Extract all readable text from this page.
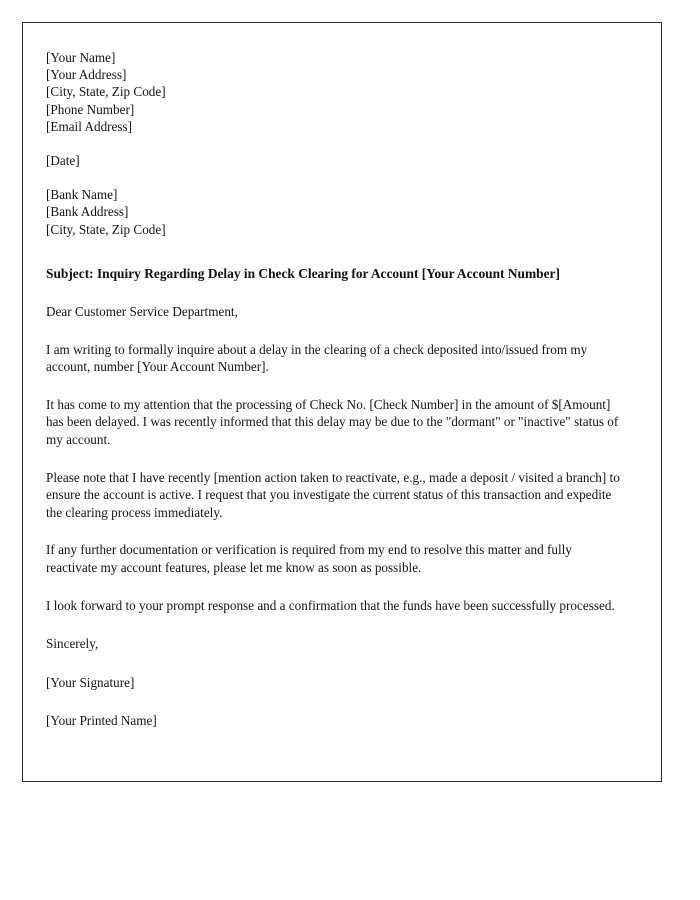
[Your Name]
[Your Address]
[City, State, Zip Code]
[Phone Number]
[Email Address]
[Date]
[Bank Name]
[Bank Address]
[City, State, Zip Code]
Subject: Inquiry Regarding Delay in Check Clearing for Account [Your Account Number]
Dear Customer Service Department,
I am writing to formally inquire about a delay in the clearing of a check deposited into/issued from my account, number [Your Account Number].
It has come to my attention that the processing of Check No. [Check Number] in the amount of $[Amount] has been delayed. I was recently informed that this delay may be due to the "dormant" or "inactive" status of my account.
Please note that I have recently [mention action taken to reactivate, e.g., made a deposit / visited a branch] to ensure the account is active. I request that you investigate the current status of this transaction and expedite the clearing process immediately.
If any further documentation or verification is required from my end to resolve this matter and fully reactivate my account features, please let me know as soon as possible.
I look forward to your prompt response and a confirmation that the funds have been successfully processed.
Sincerely,
[Your Signature]
[Your Printed Name]
